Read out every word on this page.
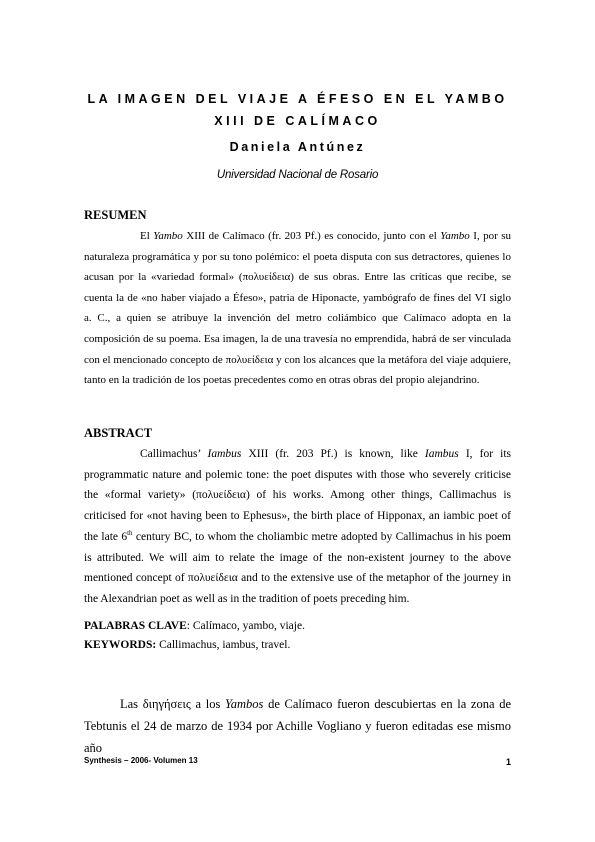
LA IMAGEN DEL VIAJE A ÉFESO EN EL YAMBO XIII DE CALÍMACO
Daniela Antúnez
Universidad Nacional de Rosario
RESUMEN
El Yambo XIII de Calímaco (fr. 203 Pf.) es conocido, junto con el Yambo I, por su naturaleza programática y por su tono polémico: el poeta disputa con sus detractores, quienes lo acusan por la «variedad formal» (πολυείδεια) de sus obras. Entre las críticas que recibe, se cuenta la de «no haber viajado a Éfeso», patria de Hiponacte, yambógrafo de fines del VI siglo a. C., a quien se atribuye la invención del metro coliámbico que Calímaco adopta en la composición de su poema. Esa imagen, la de una travesía no emprendida, habrá de ser vinculada con el mencionado concepto de πολυείδεια y con los alcances que la metáfora del viaje adquiere, tanto en la tradición de los poetas precedentes como en otras obras del propio alejandrino.
ABSTRACT
Callimachus’ Iambus XIII (fr. 203 Pf.) is known, like Iambus I, for its programmatic nature and polemic tone: the poet disputes with those who severely criticise the «formal variety» (πολυείδεια) of his works. Among other things, Callimachus is criticised for «not having been to Ephesus», the birth place of Hipponax, an iambic poet of the late 6th century BC, to whom the choliambic metre adopted by Callimachus in his poem is attributed. We will aim to relate the image of the non-existent journey to the above mentioned concept of πολυείδεια and to the extensive use of the metaphor of the journey in the Alexandrian poet as well as in the tradition of poets preceding him.
PALABRAS CLAVE: Calímaco, yambo, viaje.
KEYWORDS: Callimachus, iambus, travel.
Las διηγήσεις a los Yambos de Calímaco fueron descubiertas en la zona de Tebtunis el 24 de marzo de 1934 por Achille Vogliano y fueron editadas ese mismo año
Synthesis – 2006- Volumen 13	1
